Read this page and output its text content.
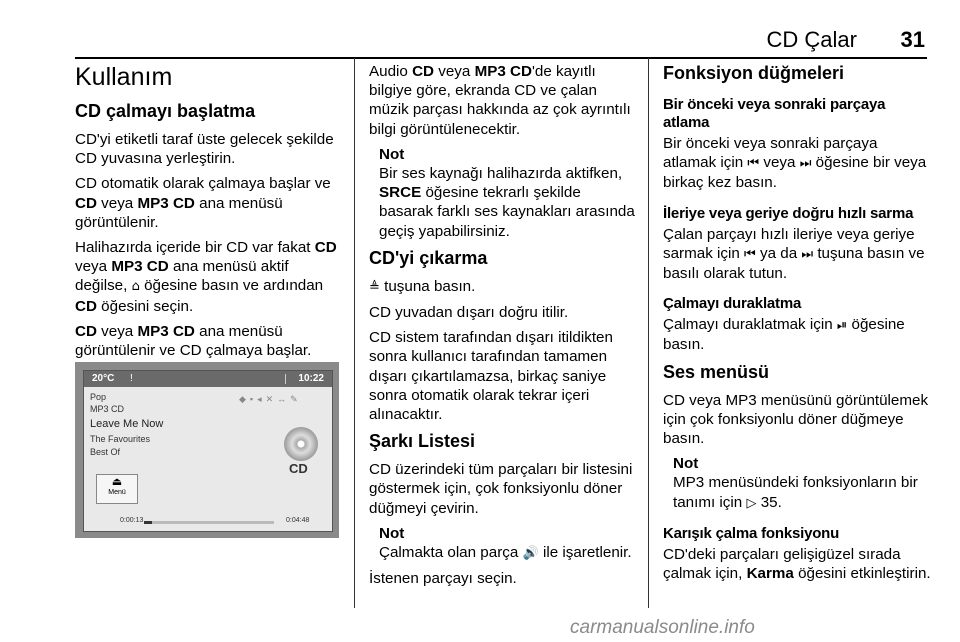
CD Çalar 31
Kullanım
CD çalmayı başlatma

CD'yi etiketli taraf üste gelecek şekilde CD yuvasına yerleştirin.

CD otomatik olarak çalmaya başlar ve CD veya MP3 CD ana menüsü görüntülenir.

Halihazırda içeride bir CD var fakat CD veya MP3 CD ana menüsü aktif değilse, ⌂ öğesine basın ve ardından CD öğesini seçin.

CD veya MP3 CD ana menüsü görüntülenir ve CD çalmaya başlar.

20°C !	10:22
Pop
MP3 CD
Leave Me Now
The Favourites
Best Of
◆▪◂✕↔✎
CD
⏏
Menü
0:00:13	0:04:48

Audio CD veya MP3 CD'de kayıtlı bilgiye göre, ekranda CD ve çalan müzik parçası hakkında az çok ayrıntılı bilgi görüntülenecektir.

Not

Bir ses kaynağı halihazırda aktifken, SRCE öğesine tekrarlı şekilde basarak farklı ses kaynakları arasında geçiş yapabilirsiniz.

CD'yi çıkarma

≜ tuşuna basın.

CD yuvadan dışarı doğru itilir.

CD sistem tarafından dışarı itildikten sonra kullanıcı tarafından tamamen dışarı çıkartılamazsa, birkaç saniye sonra otomatik olarak tekrar içeri alınacaktır.

Şarkı Listesi

CD üzerindeki tüm parçaları bir listesini göstermek için, çok fonksiyonlu döner düğmeyi çevirin.

Not

Çalmakta olan parça 🔊 ile işaretlenir.

İstenen parçayı seçin.

Fonksiyon düğmeleri
Bir önceki veya sonraki parçaya atlama

Bir önceki veya sonraki parçaya atlamak için ⏮ veya ⏭ öğesine bir veya birkaç kez basın.

İleriye veya geriye doğru hızlı sarma

Çalan parçayı hızlı ileriye veya geriye sarmak için ⏮ ya da ⏭ tuşuna basın ve basılı olarak tutun.

Çalmayı duraklatma

Çalmayı duraklatmak için ⏯ öğesine basın.

Ses menüsü

CD veya MP3 menüsünü görüntülemek için çok fonksiyonlu döner düğmeye basın.

Not

MP3 menüsündeki fonksiyonların bir tanımı için ▷ 35.

Karışık çalma fonksiyonu

CD'deki parçaları gelişigüzel sırada çalmak için, Karma öğesini etkinleştirin.

carmanualsonline.info
